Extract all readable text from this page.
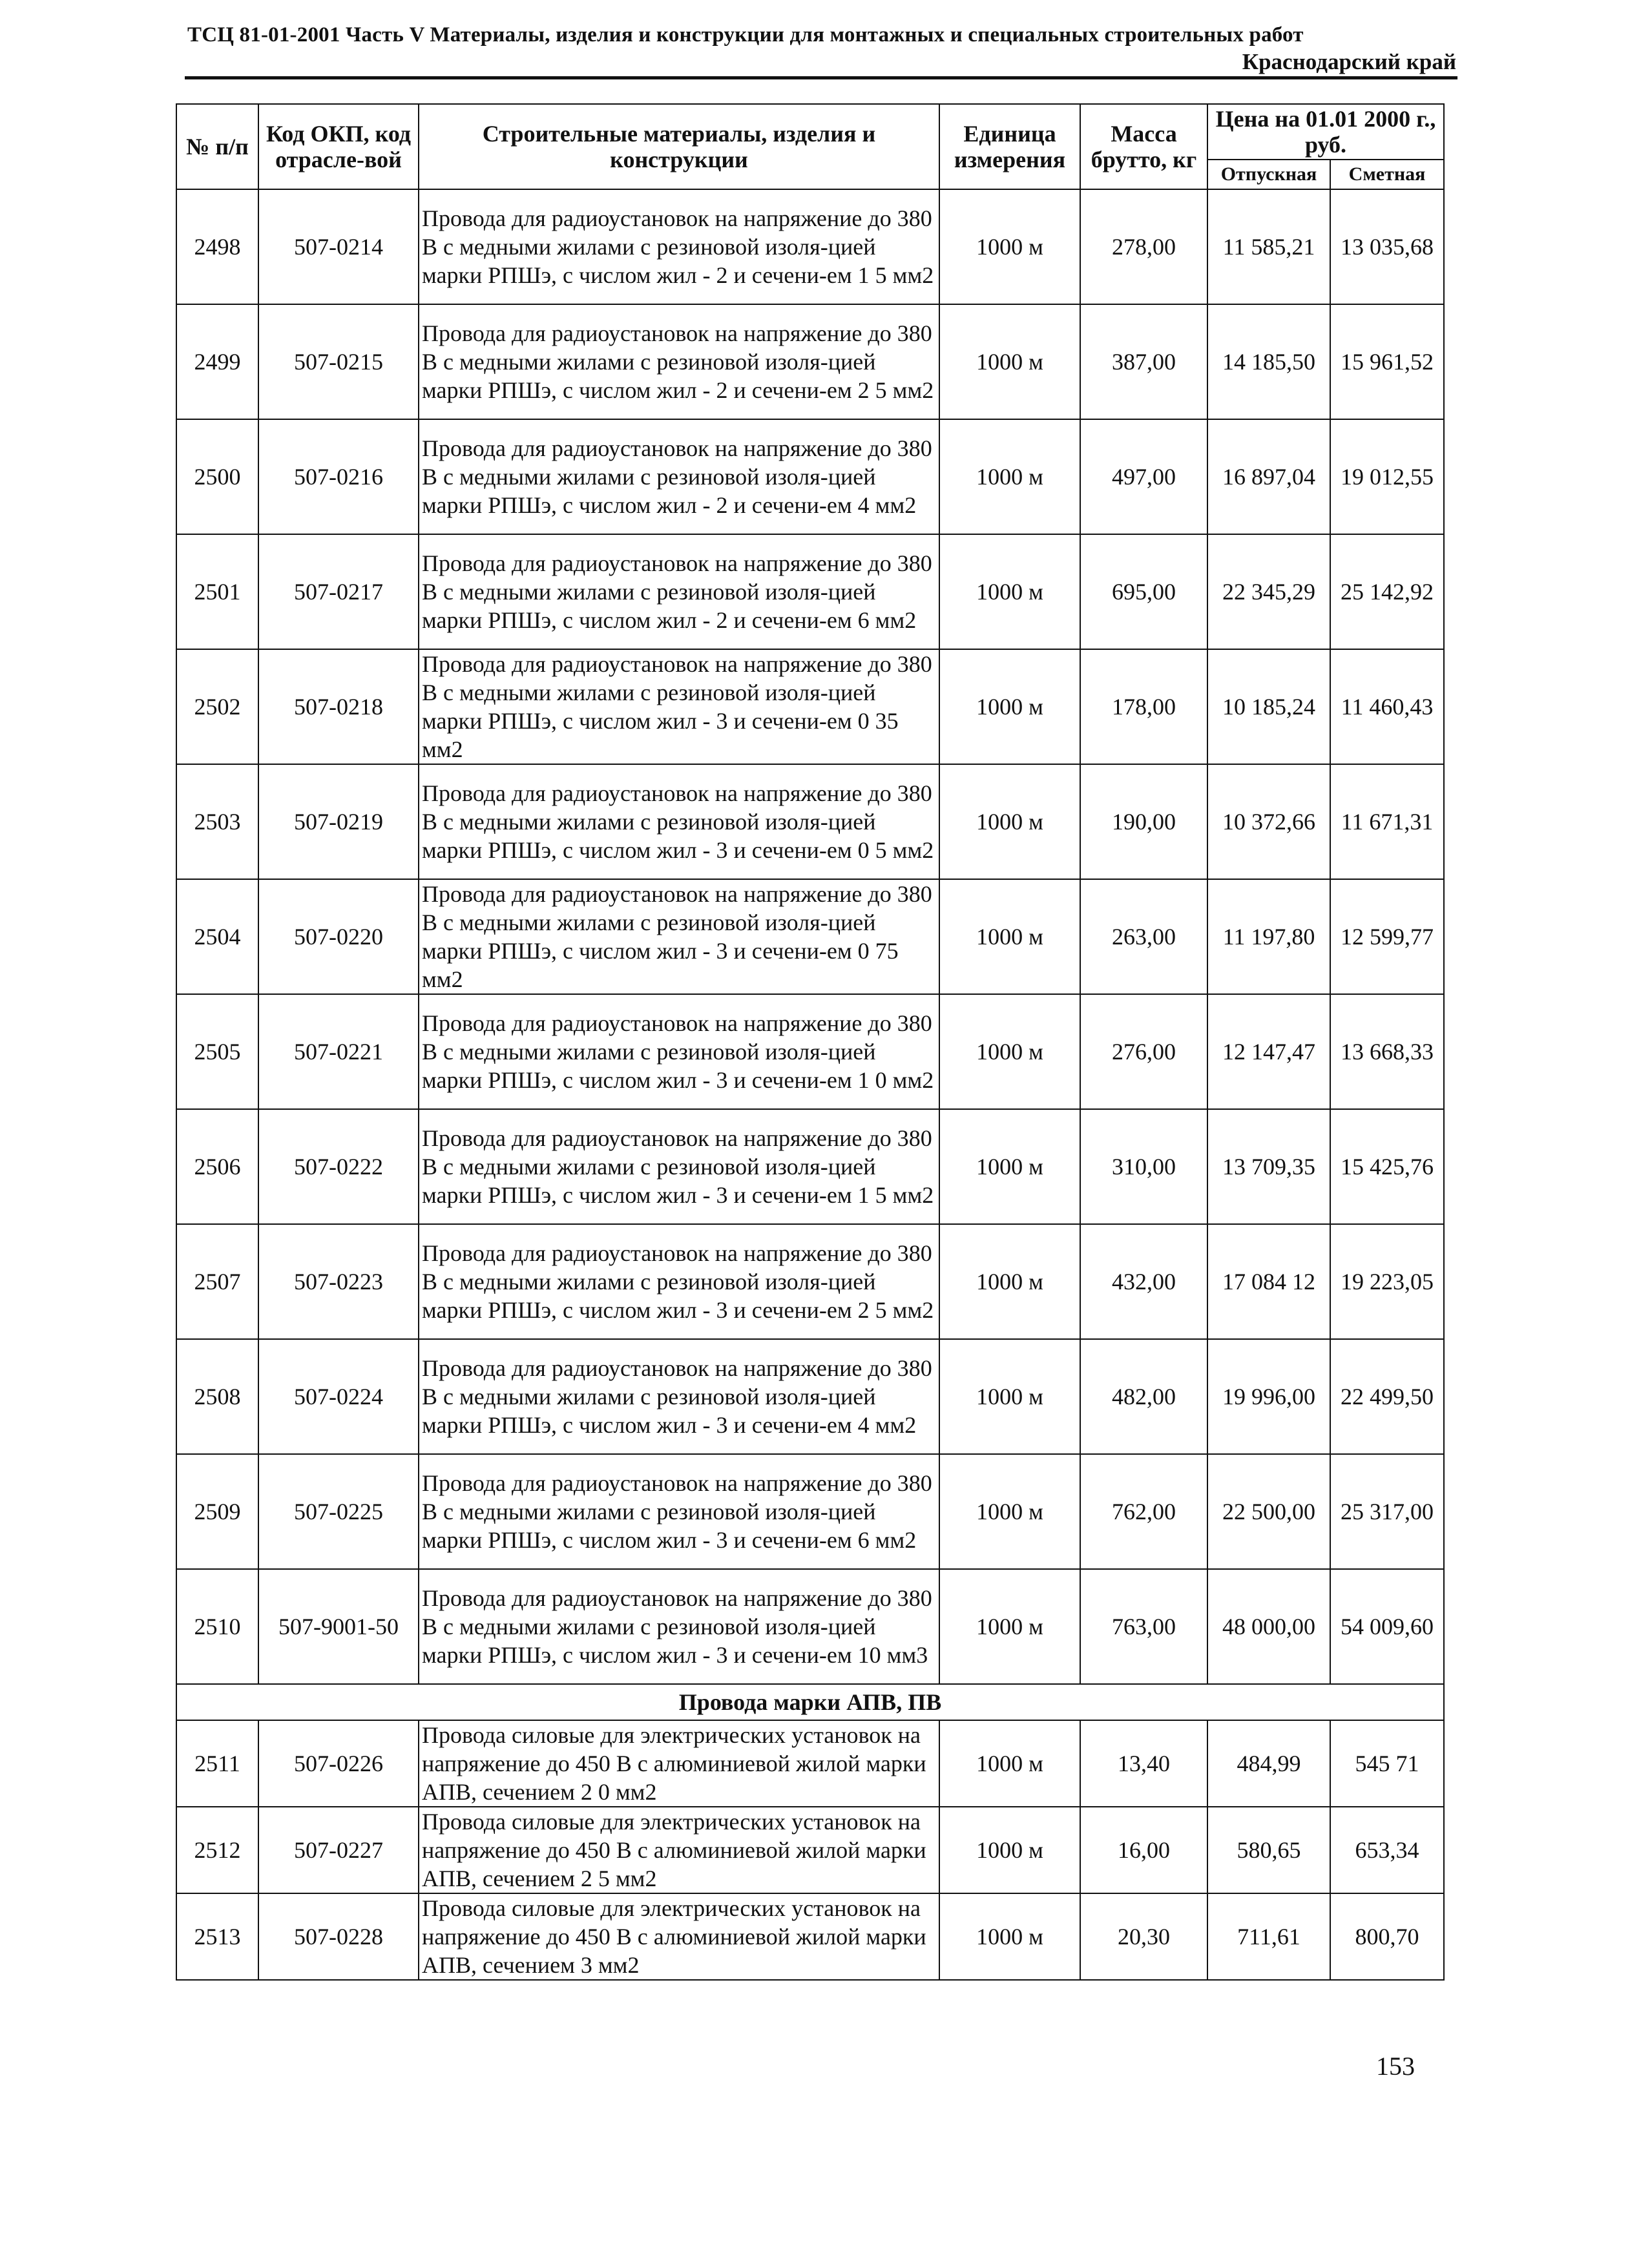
ТСЦ 81-01-2001 Часть V Материалы, изделия и конструкции для монтажных и специальных строительных работ
Краснодарский край
№ п/п	Код ОКП, код отрасле-вой	Строительные материалы, изделия и конструкции	Единица измерения	Масса брутто, кг	Цена на 01.01 2000 г., руб.	
					Отпускная	Сметная
2498	507-0214	Провода для радиоустановок на напряжение до 380 В с медными жилами с резиновой изоля-цией марки РПШэ, с числом жил - 2 и сечени-ем 1 5 мм2	1000 м	278,00	11 585,21	13 035,68
2499	507-0215	Провода для радиоустановок на напряжение до 380 В с медными жилами с резиновой изоля-цией марки РПШэ, с числом жил - 2 и сечени-ем 2 5 мм2	1000 м	387,00	14 185,50	15 961,52
2500	507-0216	Провода для радиоустановок на напряжение до 380 В с медными жилами с резиновой изоля-цией марки РПШэ, с числом жил - 2 и сечени-ем 4 мм2	1000 м	497,00	16 897,04	19 012,55
2501	507-0217	Провода для радиоустановок на напряжение до 380 В с медными жилами с резиновой изоля-цией марки РПШэ, с числом жил - 2 и сечени-ем 6 мм2	1000 м	695,00	22 345,29	25 142,92
2502	507-0218	Провода для радиоустановок на напряжение до 380 В с медными жилами с резиновой изоля-цией марки РПШэ, с числом жил - 3 и сечени-ем 0 35 мм2	1000 м	178,00	10 185,24	11 460,43
2503	507-0219	Провода для радиоустановок на напряжение до 380 В с медными жилами с резиновой изоля-цией марки РПШэ, с числом жил - 3 и сечени-ем 0 5 мм2	1000 м	190,00	10 372,66	11 671,31
2504	507-0220	Провода для радиоустановок на напряжение до 380 В с медными жилами с резиновой изоля-цией марки РПШэ, с числом жил - 3 и сечени-ем 0 75 мм2	1000 м	263,00	11 197,80	12 599,77
2505	507-0221	Провода для радиоустановок на напряжение до 380 В с медными жилами с резиновой изоля-цией марки РПШэ, с числом жил - 3 и сечени-ем 1 0 мм2	1000 м	276,00	12 147,47	13 668,33
2506	507-0222	Провода для радиоустановок на напряжение до 380 В с медными жилами с резиновой изоля-цией марки РПШэ, с числом жил - 3 и сечени-ем 1 5 мм2	1000 м	310,00	13 709,35	15 425,76
2507	507-0223	Провода для радиоустановок на напряжение до 380 В с медными жилами с резиновой изоля-цией марки РПШэ, с числом жил - 3 и сечени-ем 2 5 мм2	1000 м	432,00	17 084 12	19 223,05
2508	507-0224	Провода для радиоустановок на напряжение до 380 В с медными жилами с резиновой изоля-цией марки РПШэ, с числом жил - 3 и сечени-ем 4 мм2	1000 м	482,00	19 996,00	22 499,50
2509	507-0225	Провода для радиоустановок на напряжение до 380 В с медными жилами с резиновой изоля-цией марки РПШэ, с числом жил - 3 и сечени-ем 6 мм2	1000 м	762,00	22 500,00	25 317,00
2510	507-9001-50	Провода для радиоустановок на напряжение до 380 В с медными жилами с резиновой изоля-цией марки РПШэ, с числом жил - 3 и сечени-ем 10 мм3	1000 м	763,00	48 000,00	54 009,60
Провода марки АПВ, ПВ						
2511	507-0226	Провода силовые для электрических установок на напряжение до 450 В с алюминиевой жилой марки АПВ, сечением 2 0 мм2	1000 м	13,40	484,99	545 71
2512	507-0227	Провода силовые для электрических установок на напряжение до 450 В с алюминиевой жилой марки АПВ, сечением 2 5 мм2	1000 м	16,00	580,65	653,34
2513	507-0228	Провода силовые для электрических установок на напряжение до 450 В с алюминиевой жилой марки АПВ, сечением 3 мм2	1000 м	20,30	711,61	800,70
153
